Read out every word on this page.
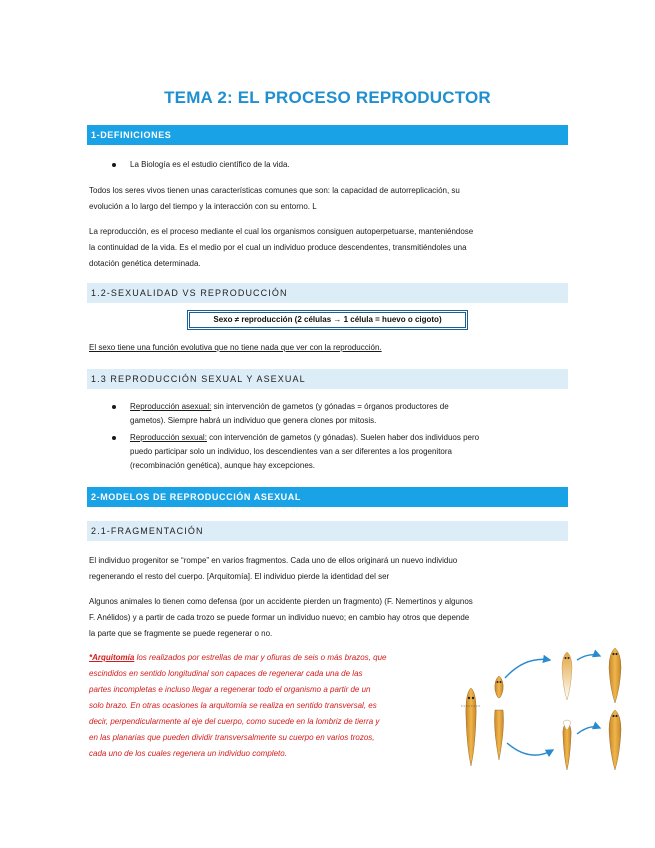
TEMA 2: EL PROCESO REPRODUCTOR
1-DEFINICIONES
La Biología es el estudio científico de la vida.
Todos los seres vivos tienen unas características comunes que son: la capacidad de autorreplicación, su
evolución a lo largo del tiempo y la interacción con su entorno. L
La reproducción, es el proceso mediante el cual los organismos consiguen autoperpetuarse, manteniéndose
la continuidad de la vida. Es el medio por el cual un individuo produce descendentes, transmitiéndoles una
dotación genética determinada.
1.2-SEXUALIDAD VS REPRODUCCIÓN
Sexo ≠ reproducción (2 células → 1 célula = huevo o cigoto)
El sexo tiene una función evolutiva que no tiene nada que ver con la reproducción.
1.3 REPRODUCCIÓN SEXUAL Y ASEXUAL
Reproducción asexual: sin intervención de gametos (y gónadas = órganos productores de
gametos). Siempre habrá un individuo que genera clones por mitosis.
Reproducción sexual: con intervención de gametos (y gónadas). Suelen haber dos individuos pero
puedo participar solo un individuo, los descendientes van a ser diferentes a los progenitora
(recombinación genética), aunque hay excepciones.
2-MODELOS DE REPRODUCCIÓN ASEXUAL
2.1-FRAGMENTACIÓN
El individuo progenitor se “rompe” en varios fragmentos. Cada uno de ellos originará un nuevo individuo
regenerando el resto del cuerpo. [Arquitomía]. El individuo pierde la identidad del ser
Algunos animales lo tienen como defensa (por un accidente pierden un fragmento) (F. Nemertinos y algunos
F. Anélidos) y a partir de cada trozo se puede formar un individuo nuevo; en cambio hay otros que depende
la parte que se fragmente se puede regenerar o no.
*Arquitomía los realizados por estrellas de mar y ofiuras de seis o más brazos, que
escindidos en sentido longitudinal son capaces de regenerar cada una de las
partes incompletas e incluso llegar a regenerar todo el organismo a partir de un
solo brazo. En otras ocasiones la arquitomía se realiza en sentido transversal, es
decir, perpendicularmente al eje del cuerpo, como sucede en la lombriz de tierra y
en las planarias que pueden dividir transversalmente su cuerpo en varios trozos,
cada uno de los cuales regenera un individuo completo.
